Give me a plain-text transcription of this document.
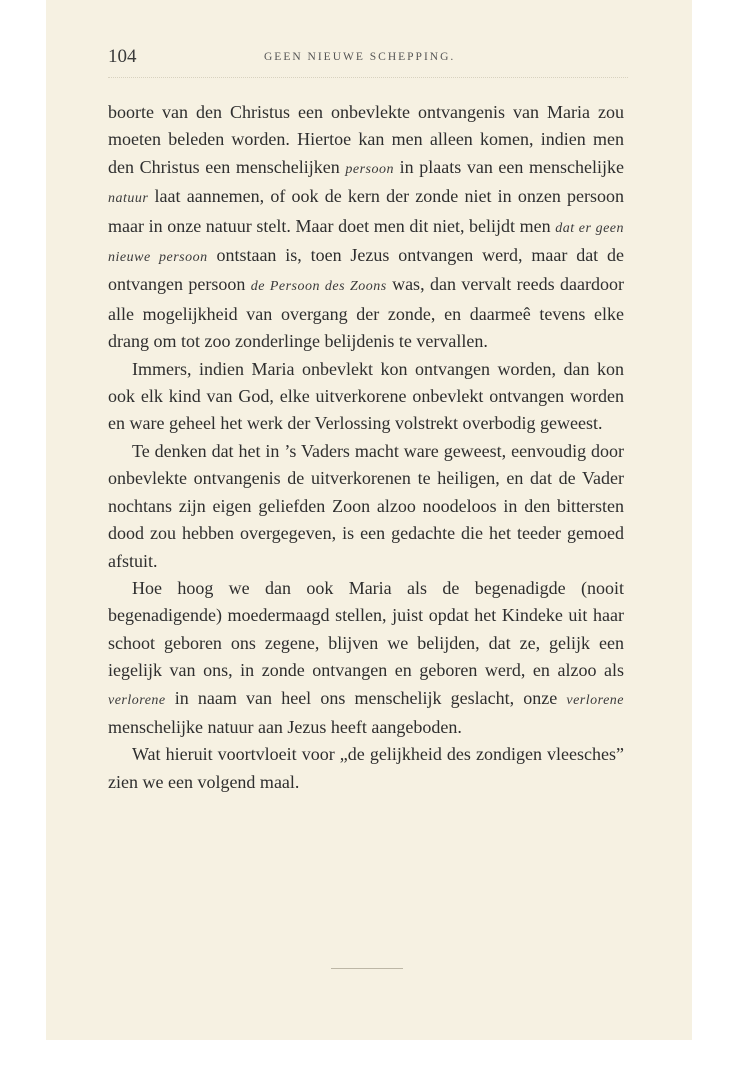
104	GEEN NIEUWE SCHEPPING.

boorte van den Christus een onbevlekte ontvangenis van Maria zou moeten beleden worden. Hiertoe kan men alleen komen, indien men den Christus een menschelijken persoon in plaats van een menschelijke natuur laat aannemen, of ook de kern der zonde niet in onzen persoon maar in onze natuur stelt. Maar doet men dit niet, belijdt men dat er geen nieuwe persoon ontstaan is, toen Jezus ontvangen werd, maar dat de ontvangen persoon de Persoon des Zoons was, dan vervalt reeds daardoor alle mogelijkheid van overgang der zonde, en daarmeê tevens elke drang om tot zoo zonderlinge belijdenis te vervallen.

Immers, indien Maria onbevlekt kon ontvangen worden, dan kon ook elk kind van God, elke uitverkorene onbevlekt ontvangen worden en ware geheel het werk der Verlossing volstrekt overbodig geweest.

Te denken dat het in ’s Vaders macht ware geweest, eenvoudig door onbevlekte ontvangenis de uitverkorenen te heiligen, en dat de Vader nochtans zijn eigen geliefden Zoon alzoo noodeloos in den bittersten dood zou hebben overgegeven, is een gedachte die het teeder gemoed afstuit.

Hoe hoog we dan ook Maria als de begenadigde (nooit begenadigende) moedermaagd stellen, juist opdat het Kindeke uit haar schoot geboren ons zegene, blijven we belijden, dat ze, gelijk een iegelijk van ons, in zonde ontvangen en geboren werd, en alzoo als verlorene in naam van heel ons menschelijk geslacht, onze verlorene menschelijke natuur aan Jezus heeft aangeboden.

Wat hieruit voortvloeit voor „de gelijkheid des zondigen vleesches” zien we een volgend maal.
